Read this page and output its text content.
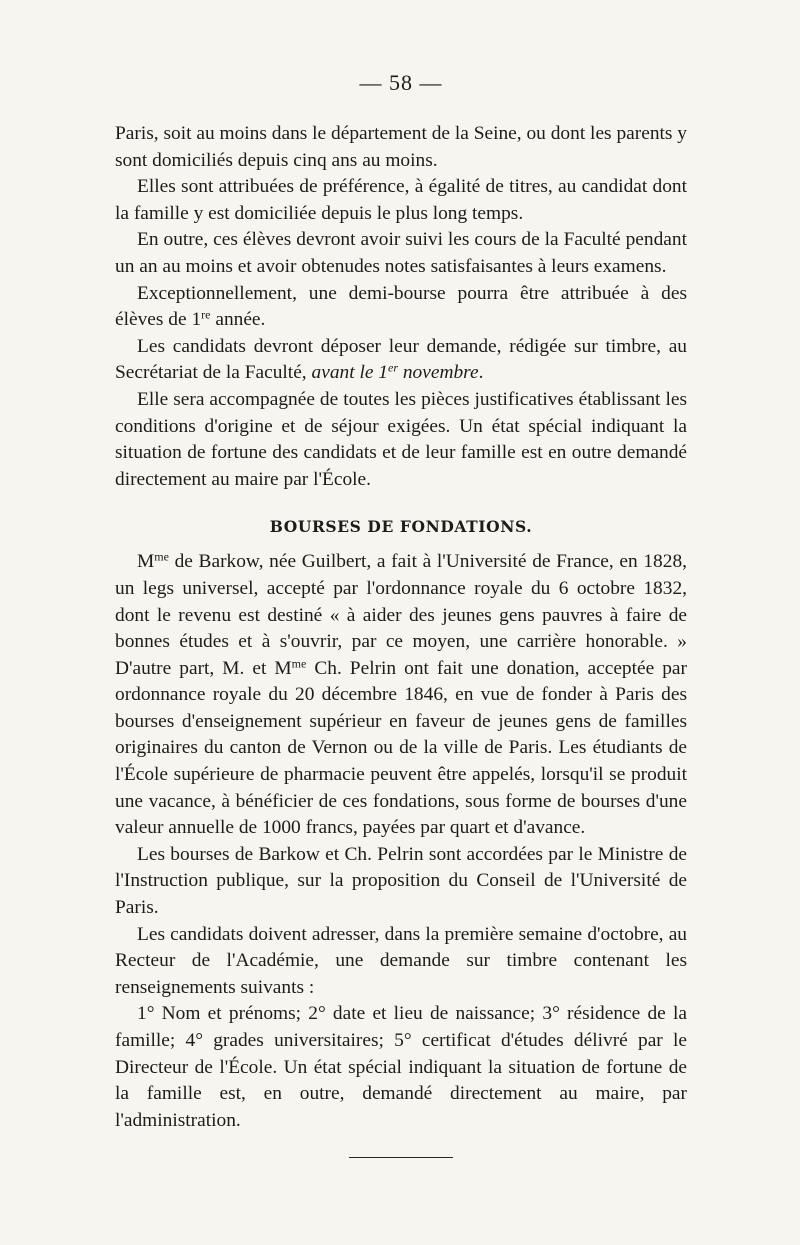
— 58 —

Paris, soit au moins dans le département de la Seine, ou dont les parents y sont domiciliés depuis cinq ans au moins.

Elles sont attribuées de préférence, à égalité de titres, au candidat dont la famille y est domiciliée depuis le plus long temps.

En outre, ces élèves devront avoir suivi les cours de la Faculté pendant un an au moins et avoir obtenudes notes satisfaisantes à leurs examens.

Exceptionnellement, une demi-bourse pourra être attribuée à des élèves de 1re année.

Les candidats devront déposer leur demande, rédigée sur timbre, au Secrétariat de la Faculté, avant le 1er novembre.

Elle sera accompagnée de toutes les pièces justificatives établissant les conditions d'origine et de séjour exigées. Un état spécial indiquant la situation de fortune des candidats et de leur famille est en outre demandé directement au maire par l'École.

BOURSES DE FONDATIONS.

$M^{me}$ de Barkow, née Guilbert, a fait à l'Université de France, en 1828, un legs universel, accepté par l'ordonnance royale du 6 octobre 1832, dont le revenu est destiné « à aider des jeunes gens pauvres à faire de bonnes études et à s'ouvrir, par ce moyen, une carrière honorable. » D'autre part, M. et $M^{me}$ Ch. Pelrin ont fait une donation, acceptée par ordonnance royale du 20 décembre 1846, en vue de fonder à Paris des bourses d'enseignement supérieur en faveur de jeunes gens de familles originaires du canton de Vernon ou de la ville de Paris. Les étudiants de l'École supérieure de pharmacie peuvent être appelés, lorsqu'il se produit une vacance, à bénéficier de ces fondations, sous forme de bourses d'une valeur annuelle de 1000 francs, payées par quart et d'avance.

Les bourses de Barkow et Ch. Pelrin sont accordées par le Ministre de l'Instruction publique, sur la proposition du Conseil de l'Université de Paris.

Les candidats doivent adresser, dans la première semaine d'octobre, au Recteur de l'Académie, une demande sur timbre contenant les renseignements suivants :

1° Nom et prénoms; 2° date et lieu de naissance; 3° résidence de la famille; 4° grades universitaires; 5° certificat d'études délivré par le Directeur de l'École. Un état spécial indiquant la situation de fortune de la famille est, en outre, demandé directement au maire, par l'administration.
